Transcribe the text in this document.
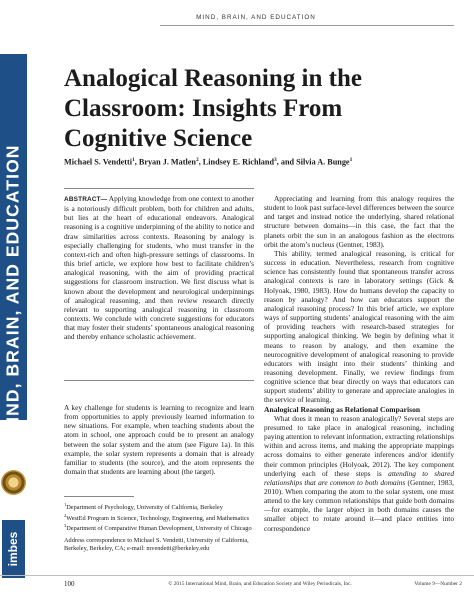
MIND, BRAIN, AND EDUCATION
imbes
MIND, BRAIN, AND EDUCATION
Analogical Reasoning in the
Classroom: Insights From
Cognitive Science
Michael S. Vendetti$^1$, Bryan J. Matlen$^2$, Lindsey E. Richland$^3$, and Silvia A. Bunge$^1$

ABSTRACT— Applying knowledge from one context to another is a notoriously difficult problem, both for children and adults, but lies at the heart of educational endeavors. Analogical reasoning is a cognitive underpinning of the ability to notice and draw similarities across contexts. Reasoning by analogy is especially challenging for students, who must transfer in the context-rich and often high-pressure settings of classrooms. In this brief article, we explore how best to facilitate children’s analogical reasoning, with the aim of providing practical suggestions for classroom instruction. We first discuss what is known about the development and neurological underpinnings of analogical reasoning, and then review research directly relevant to supporting analogical reasoning in classroom contexts. We conclude with concrete suggestions for educators that may foster their students’ spontaneous analogical reasoning and thereby enhance scholastic achievement.

A key challenge for students is learning to recognize and learn from opportunities to apply previously learned information to new situations. For example, when teaching students about the atom in school, one approach could be to present an analogy between the solar system and the atom (see Figure 1a). In this example, the solar system represents a domain that is already familiar to students (the source), and the atom represents the domain that students are learning about (the target).

$^1$Department of Psychology, University of California, Berkeley

$^2$WestEd Program in Science, Technology, Engineering, and Mathematics

$^3$Department of Comparative Human Development, University of Chicago

Address correspondence to Michael S. Vendetti, University of California, Berkeley, Berkeley, CA; e-mail: mvendetti@berkeley.edu

Appreciating and learning from this analogy requires the student to look past surface-level differences between the source and target and instead notice the underlying, shared relational structure between domains—in this case, the fact that the planets orbit the sun in an analogous fashion as the electrons orbit the atom’s nucleus (Gentner, 1983).

This ability, termed analogical reasoning, is critical for success in education. Nevertheless, research from cognitive science has consistently found that spontaneous transfer across analogical contexts is rare in laboratory settings (Gick & Holyoak, 1980, 1983). How do humans develop the capacity to reason by analogy? And how can educators support the analogical reasoning process? In this brief article, we explore ways of supporting students’ analogical reasoning with the aim of providing teachers with research-based strategies for supporting analogical thinking. We begin by defining what it means to reason by analogy, and then examine the neurocognitive development of analogical reasoning to provide educators with insight into their students’ thinking and reasoning development. Finally, we review findings from cognitive science that bear directly on ways that educators can support students’ ability to generate and appreciate analogies in the service of learning.

Analogical Reasoning as Relational Comparison

What does it mean to reason analogically? Several steps are presumed to take place in analogical reasoning, including paying attention to relevant information, extracting relationships within and across items, and making the appropriate mappings across domains to either generate inferences and/or identify their common principles (Holyoak, 2012). The key component underlying each of these steps is attending to shared relationships that are common to both domains (Gentner, 1983, 2010). When comparing the atom to the solar system, one must attend to the key common relationships that guide both domains—for example, the larger object in both domains causes the smaller object to rotate around it—and place entities into correspondence

100	© 2015 International Mind, Brain, and Education Society and Wiley Periodicals, Inc.	Volume 9—Number 2
